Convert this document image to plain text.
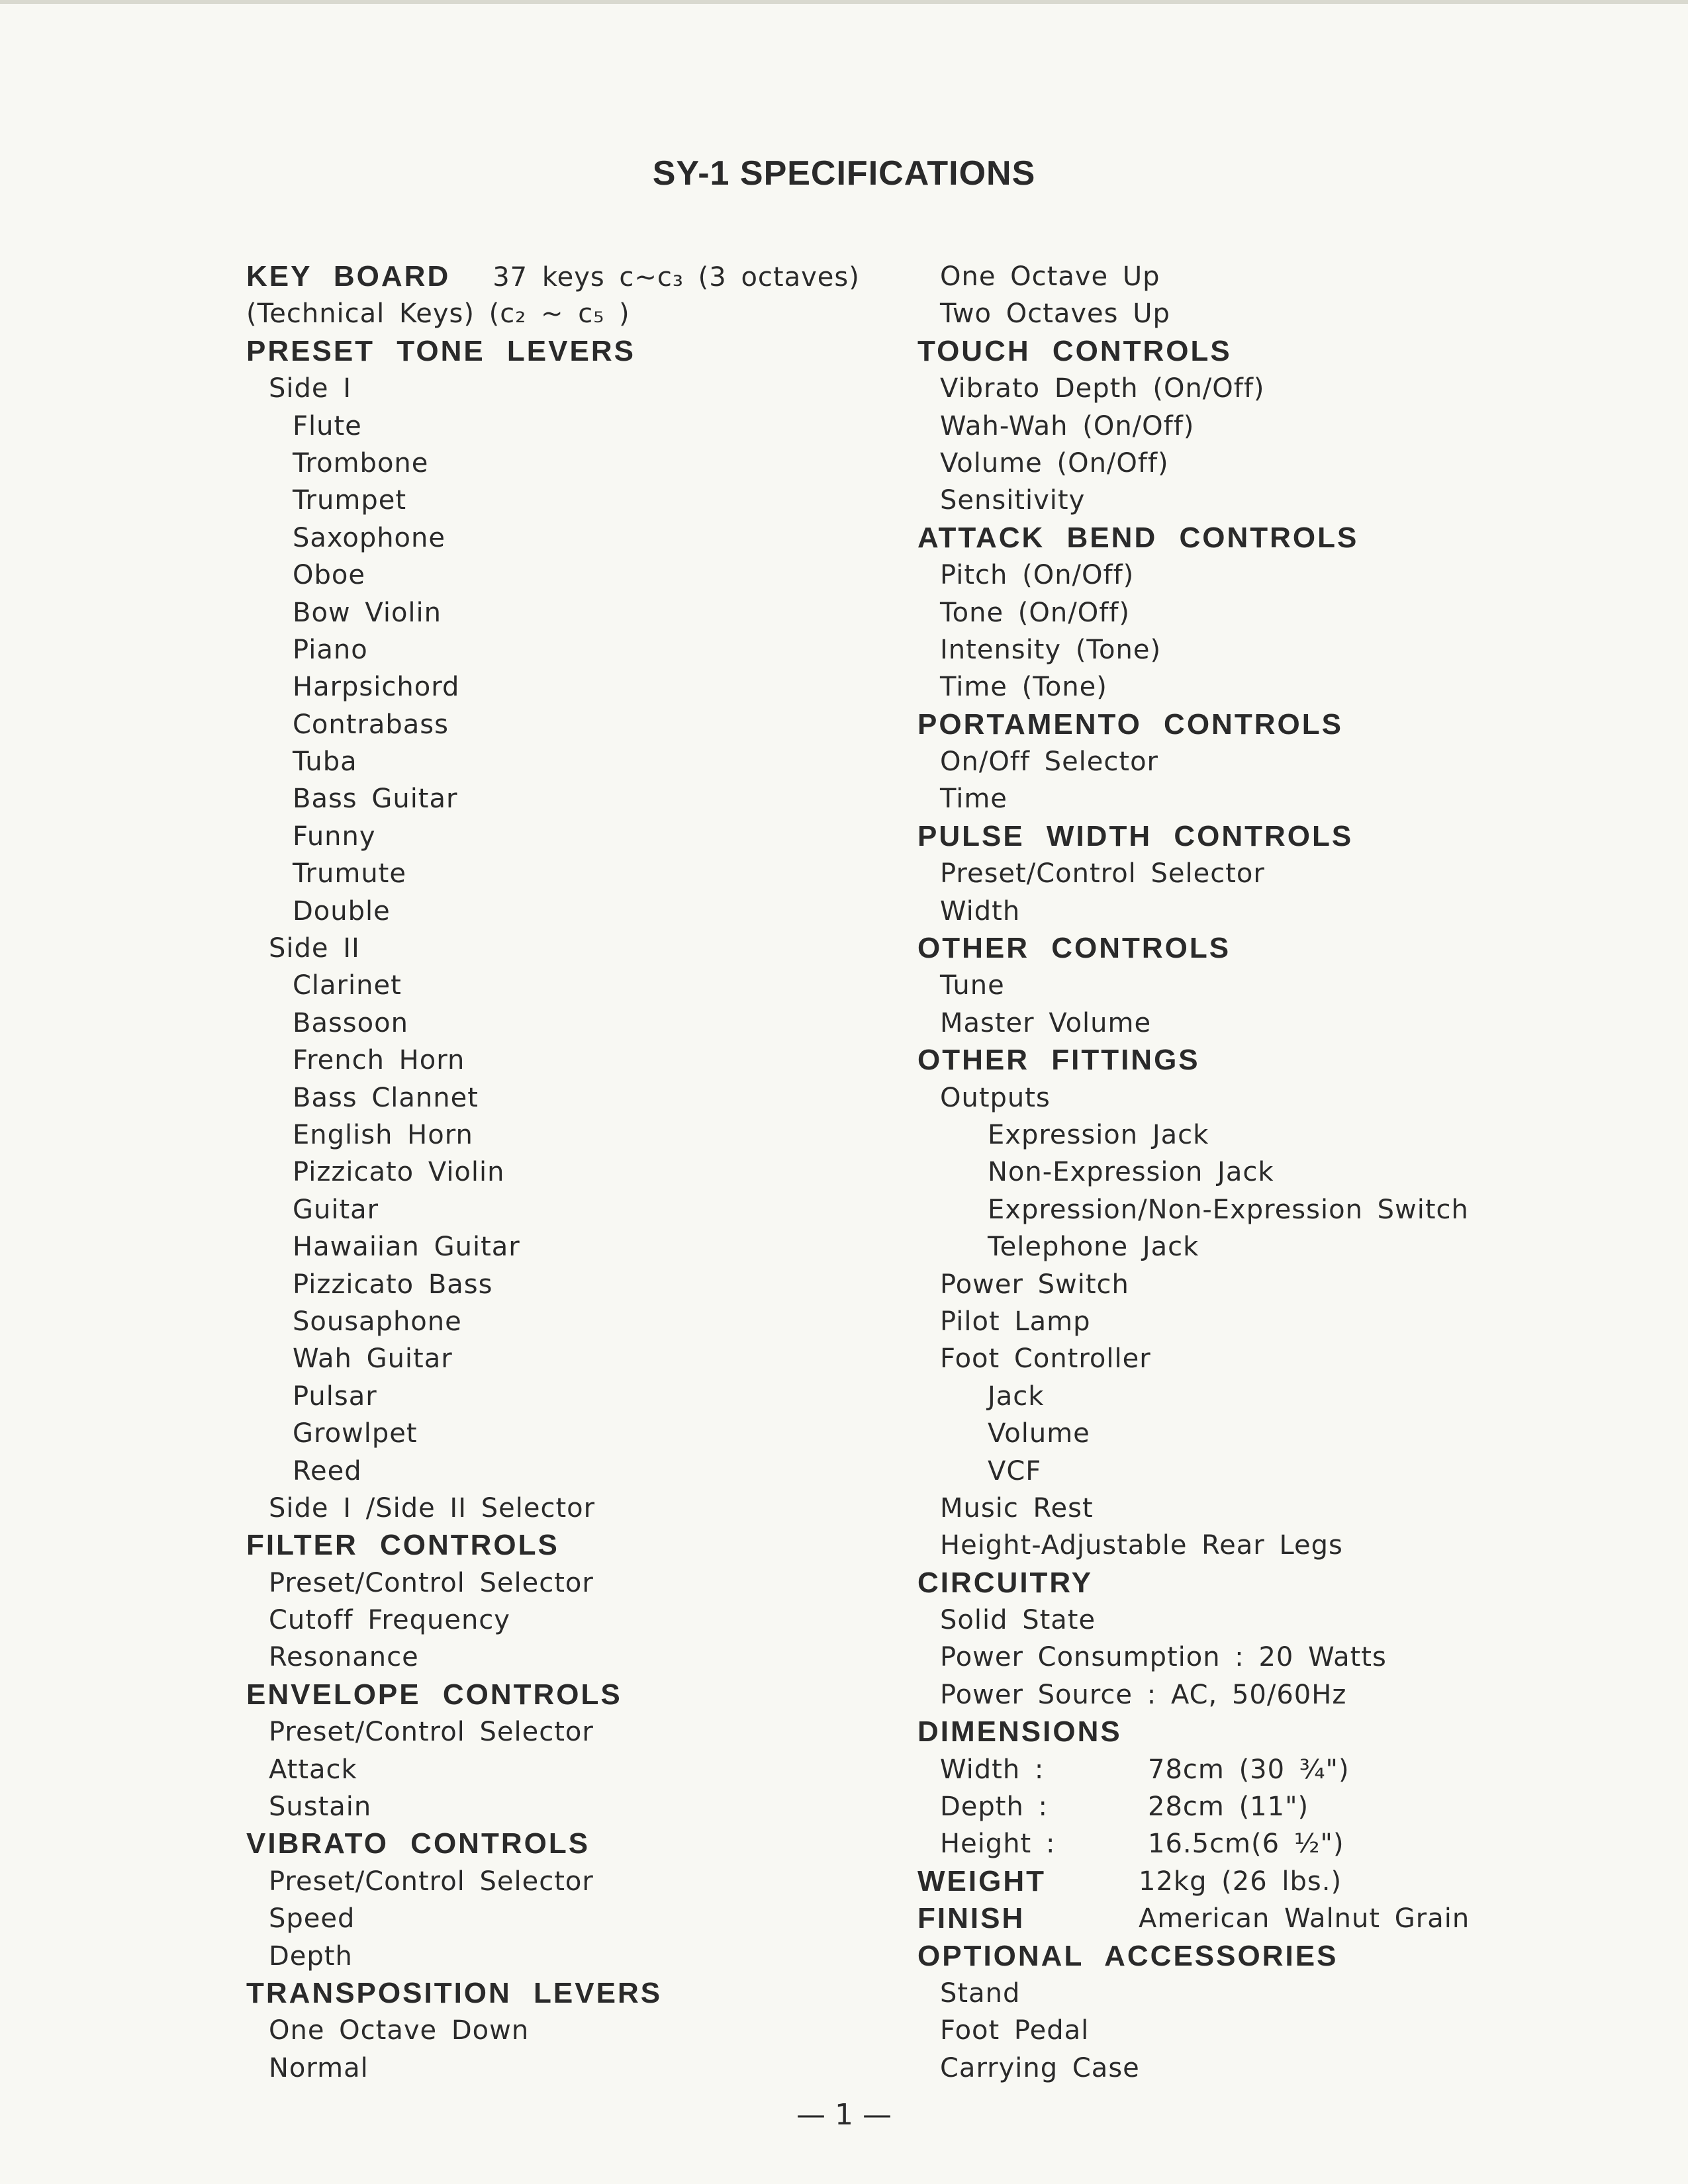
SY-1 SPECIFICATIONS
KEY BOARD 37 keys c~c₃ (3 octaves)
(Technical Keys) (c₂ ~ c₅ )
PRESET TONE LEVERS
Side I
Flute
Trombone
Trumpet
Saxophone
Oboe
Bow Violin
Piano
Harpsichord
Contrabass
Tuba
Bass Guitar
Funny
Trumute
Double
Side II
Clarinet
Bassoon
French Horn
Bass Clannet
English Horn
Pizzicato Violin
Guitar
Hawaiian Guitar
Pizzicato Bass
Sousaphone
Wah Guitar
Pulsar
Growlpet
Reed
Side I /Side II Selector
FILTER CONTROLS
Preset/Control Selector
Cutoff Frequency
Resonance
ENVELOPE CONTROLS
Preset/Control Selector
Attack
Sustain
VIBRATO CONTROLS
Preset/Control Selector
Speed
Depth
TRANSPOSITION LEVERS
One Octave Down
Normal
One Octave Up
Two Octaves Up
TOUCH CONTROLS
Vibrato Depth (On/Off)
Wah-Wah (On/Off)
Volume (On/Off)
Sensitivity
ATTACK BEND CONTROLS
Pitch (On/Off)
Tone (On/Off)
Intensity (Tone)
Time (Tone)
PORTAMENTO CONTROLS
On/Off Selector
Time
PULSE WIDTH CONTROLS
Preset/Control Selector
Width
OTHER CONTROLS
Tune
Master Volume
OTHER FITTINGS
Outputs
Expression Jack
Non-Expression Jack
Expression/Non-Expression Switch
Telephone Jack
Power Switch
Pilot Lamp
Foot Controller
Jack
Volume
VCF
Music Rest
Height-Adjustable Rear Legs
CIRCUITRY
Solid State
Power Consumption : 20 Watts
Power Source : AC, 50/60Hz
DIMENSIONS
Width :	78cm (30 ¾")
Depth :	28cm (11")
Height :	16.5cm(6 ½")
WEIGHT	12kg (26 lbs.)
FINISH	American Walnut Grain
OPTIONAL ACCESSORIES
Stand
Foot Pedal
Carrying Case
— 1 —
